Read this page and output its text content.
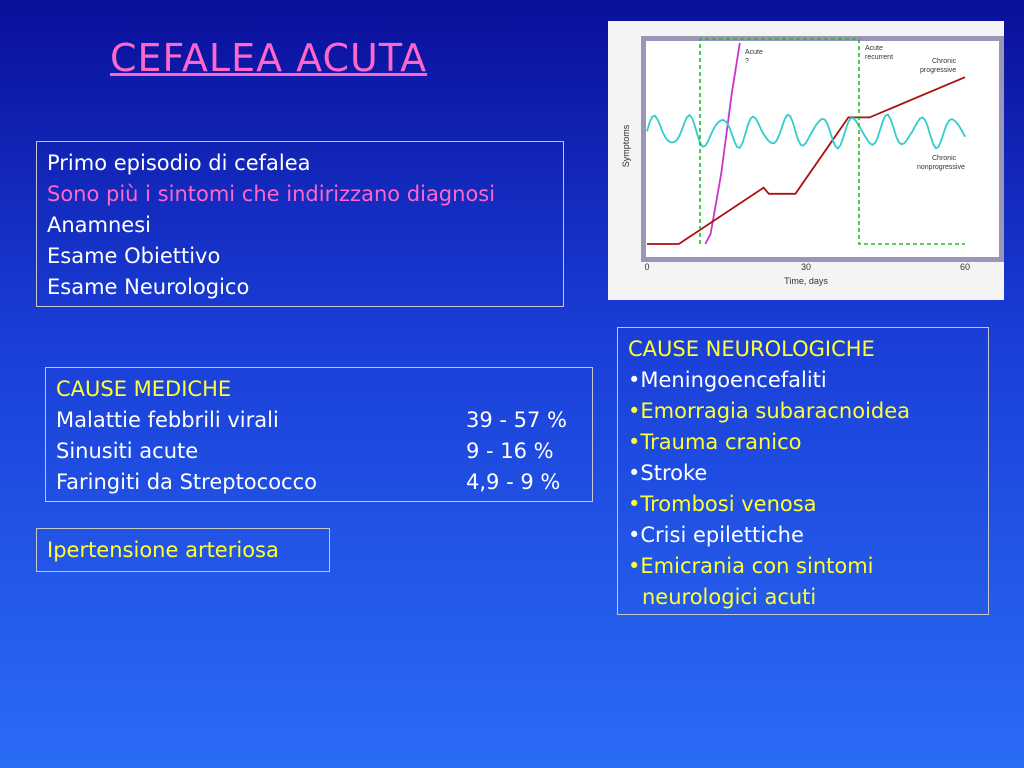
CEFALEA ACUTA
Primo episodio di cefalea
Sono più i sintomi che indirizzano diagnosi
Anamnesi
Esame Obiettivo
Esame Neurologico
CAUSE MEDICHE
Malattie febbrili virali	39 - 57 %
Sinusiti acute	9 - 16 %
Faringiti da Streptococco	4,9 - 9 %
Ipertensione arteriosa
CAUSE NEUROLOGICHE
•Meningoencefaliti
•Emorragia subaracnoidea
•Trauma cranico
•Stroke
•Trombosi venosa
•Crisi epilettiche
•Emicrania con sintomi
neurologici acuti
Symptoms
0	30	60
Time, days
Acute
?
Acute
recurrent
Chronic
progressive
Chronic
nonprogressive
